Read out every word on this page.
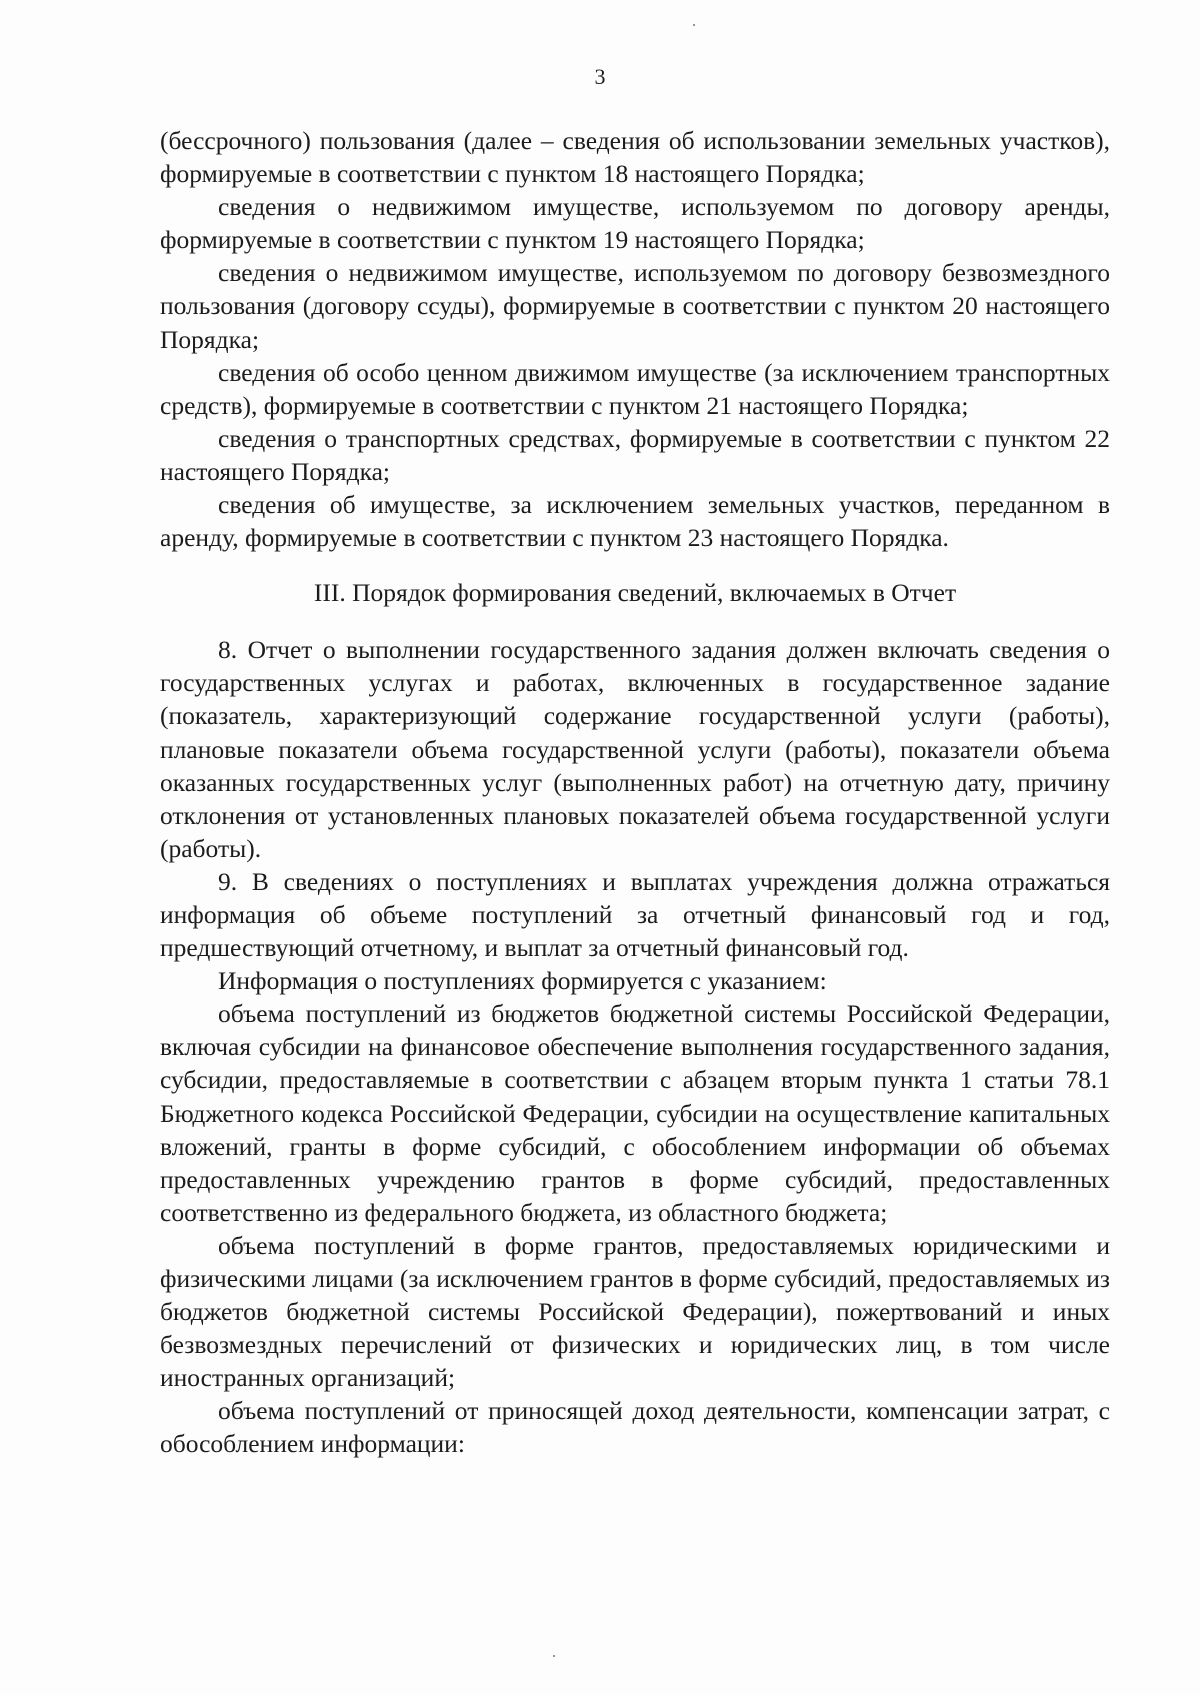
3

(бессрочного) пользования (далее – сведения об использовании земельных участков), формируемые в соответствии с пунктом 18 настоящего Порядка;

сведения о недвижимом имуществе, используемом по договору аренды, формируемые в соответствии с пунктом 19 настоящего Порядка;

сведения о недвижимом имуществе, используемом по договору безвозмездного пользования (договору ссуды), формируемые в соответствии с пунктом 20 настоящего Порядка;

сведения об особо ценном движимом имуществе (за исключением транспортных средств), формируемые в соответствии с пунктом 21 настоящего Порядка;

сведения о транспортных средствах, формируемые в соответствии с пунктом 22 настоящего Порядка;

сведения об имуществе, за исключением земельных участков, переданном в аренду, формируемые в соответствии с пунктом 23 настоящего Порядка.

III. Порядок формирования сведений, включаемых в Отчет

8. Отчет о выполнении государственного задания должен включать сведения о государственных услугах и работах, включенных в государственное задание (показатель, характеризующий содержание государственной услуги (работы), плановые показатели объема государственной услуги (работы), показатели объема оказанных государственных услуг (выполненных работ) на отчетную дату, причину отклонения от установленных плановых показателей объема государственной услуги (работы).

9. В сведениях о поступлениях и выплатах учреждения должна отражаться информация об объеме поступлений за отчетный финансовый год и год, предшествующий отчетному, и выплат за отчетный финансовый год.

Информация о поступлениях формируется с указанием:

объема поступлений из бюджетов бюджетной системы Российской Федерации, включая субсидии на финансовое обеспечение выполнения государственного задания, субсидии, предоставляемые в соответствии с абзацем вторым пункта 1 статьи 78.1 Бюджетного кодекса Российской Федерации, субсидии на осуществление капитальных вложений, гранты в форме субсидий, с обособлением информации об объемах предоставленных учреждению грантов в форме субсидий, предоставленных соответственно из федерального бюджета, из областного бюджета;

объема поступлений в форме грантов, предоставляемых юридическими и физическими лицами (за исключением грантов в форме субсидий, предоставляемых из бюджетов бюджетной системы Российской Федерации), пожертвований и иных безвозмездных перечислений от физических и юридических лиц, в том числе иностранных организаций;

объема поступлений от приносящей доход деятельности, компенсации затрат, с обособлением информации:
